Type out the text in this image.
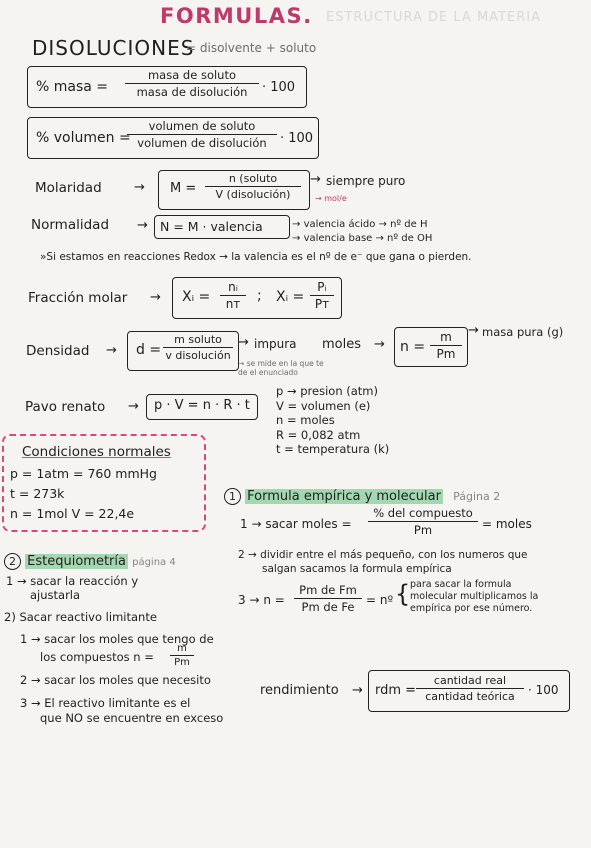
ESTRUCTURA DE LA MATERIA
FORMULAS.
DISOLUCIONES
= disolvente + soluto
% masa =
masa de soluto
masa de disolución	· 100
% volumen =
volumen de soluto
volumen de disolución	· 100
Molaridad → M =
n (soluto
V (disolución)
→ siempre puro
→ mol/e
Normalidad → N = M · valencia	→ valencia ácido → nº de H
→ valencia base → nº de OH
»Si estamos en reacciones Redox → la valencia es el nº de e⁻ que gana o pierden.
Fracción molar → Xᵢ = $\frac{\text{nᵢ}}{\text{nᴛ}}$ ; Xᵢ = $\frac{\text{Pᵢ}}{\text{Pᴛ}}$
Densidad → d =
m soluto
v disolución
→ impura
→ se mide en la que te de el enunciado
moles → $n = \frac{m}{Pm}$ → masa pura (g)
Pavo renato → p · V = n · R · t
p → presion (atm)
V = volumen (e)
n = moles
R = 0,082 atm
t = temperatura (k)
Condiciones normales
p = 1atm = 760 mmHg
t = 273k
n = 1mol V = 22,4e
1 Formula empírica y molecular Página 2
1 → sacar moles =
% del compuesto
Pm	= moles
2 → dividir entre el más pequeño, con los numeros que
salgan sacamos la formula empírica
$3 \to n = \frac{\text{Pm de Fm}}{\text{Pm de Fe}}$ = nº { para sacar la formula
molecular multiplicamos la
empírica por ese número.
2 Estequiometría página 4
1 → sacar la reacción y
ajustarla
2) Sacar reactivo limitante
1 → sacar los moles que tengo de
los compuestos $n = \frac{m}{Pm}$
2 → sacar los moles que necesito
3 → El reactivo limitante es el
que NO se encuentre en exceso
rendimiento → rdm =
cantidad real
cantidad teórica	· 100
